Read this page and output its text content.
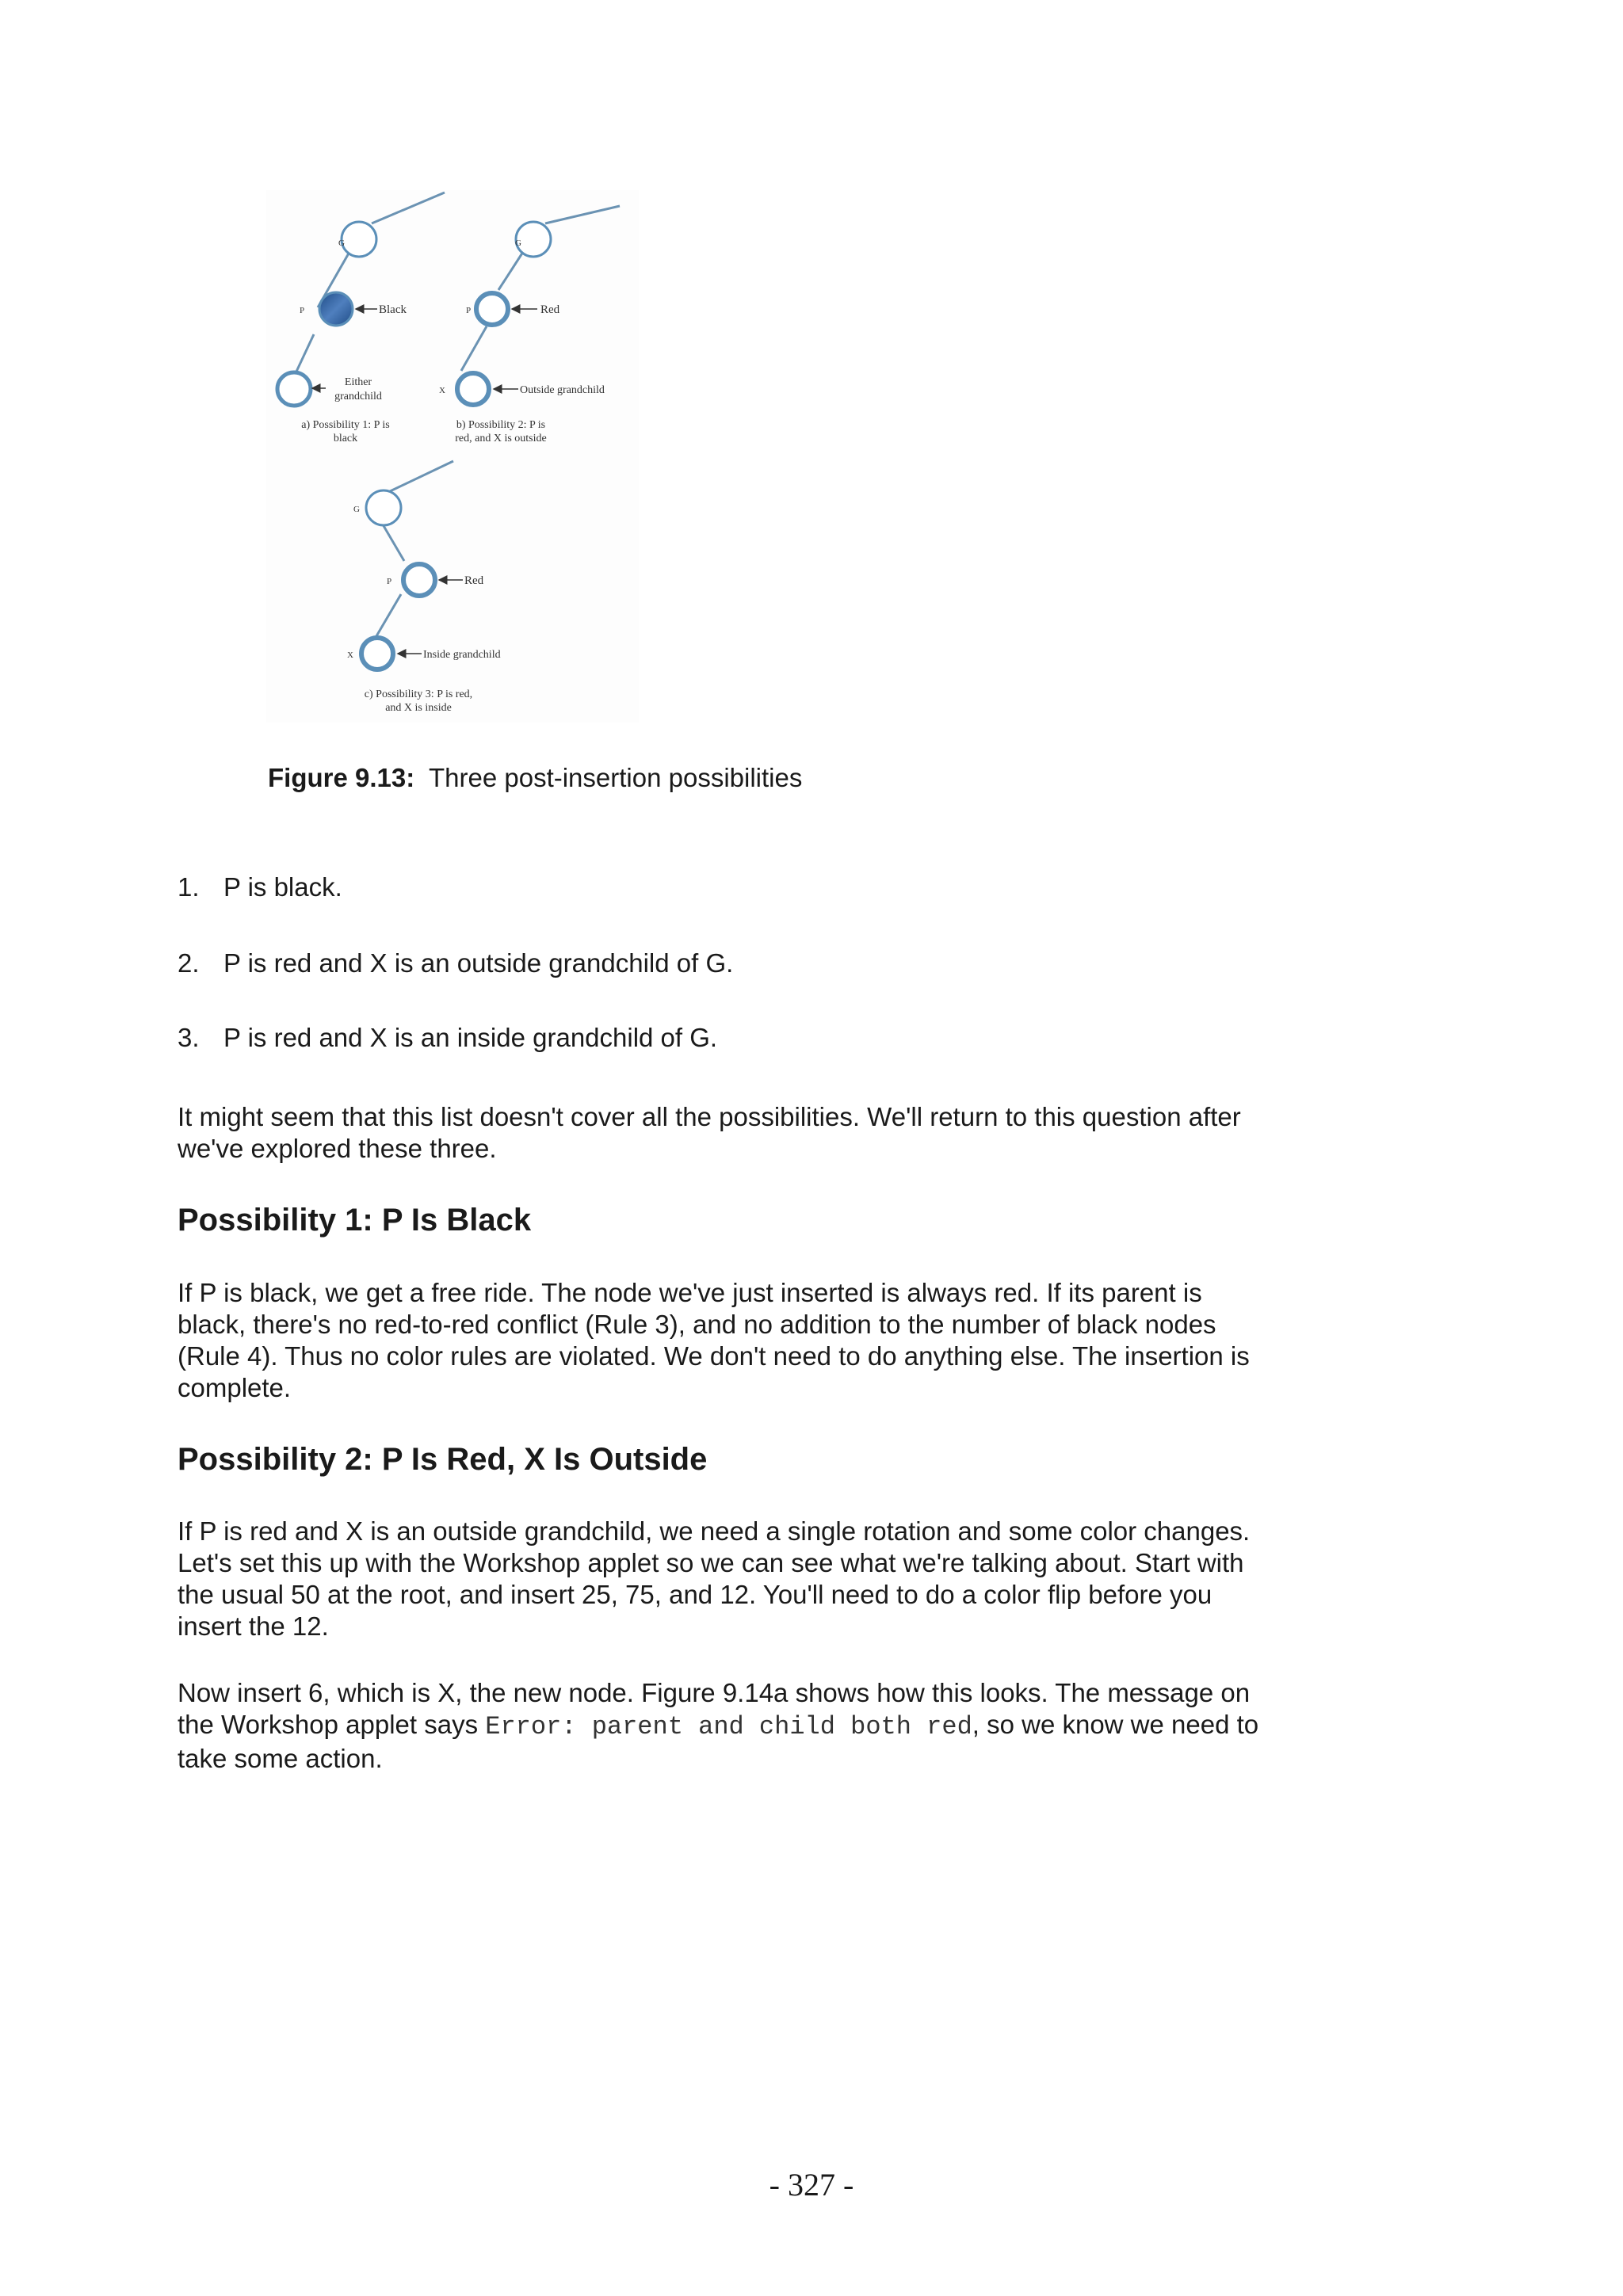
G
P	Black
Either
grandchild
a) Possibility 1: P is
black
G
P
X
Red
Outside grandchild
b) Possibility 2: P is
red, and X is outside
G
P
X
Red
Inside grandchild
c) Possibility 3: P is red,
and X is inside
Figure 9.13: Three post-insertion possibilities
1. P is black.
2. P is red and X is an outside grandchild of G.
3. P is red and X is an inside grandchild of G.

It might seem that this list doesn't cover all the possibilities. We'll return to this question after we've explored these three.

Possibility 1: P Is Black

If P is black, we get a free ride. The node we've just inserted is always red. If its parent is black, there's no red-to-red conflict (Rule 3), and no addition to the number of black nodes (Rule 4). Thus no color rules are violated. We don't need to do anything else. The insertion is complete.

Possibility 2: P Is Red, X Is Outside

If P is red and X is an outside grandchild, we need a single rotation and some color changes. Let's set this up with the Workshop applet so we can see what we're talking about. Start with the usual 50 at the root, and insert 25, 75, and 12. You'll need to do a color flip before you insert the 12.

Now insert 6, which is X, the new node. Figure 9.14a shows how this looks. The message on the Workshop applet says Error: parent and child both red, so we know we need to take some action.

- 327 -
